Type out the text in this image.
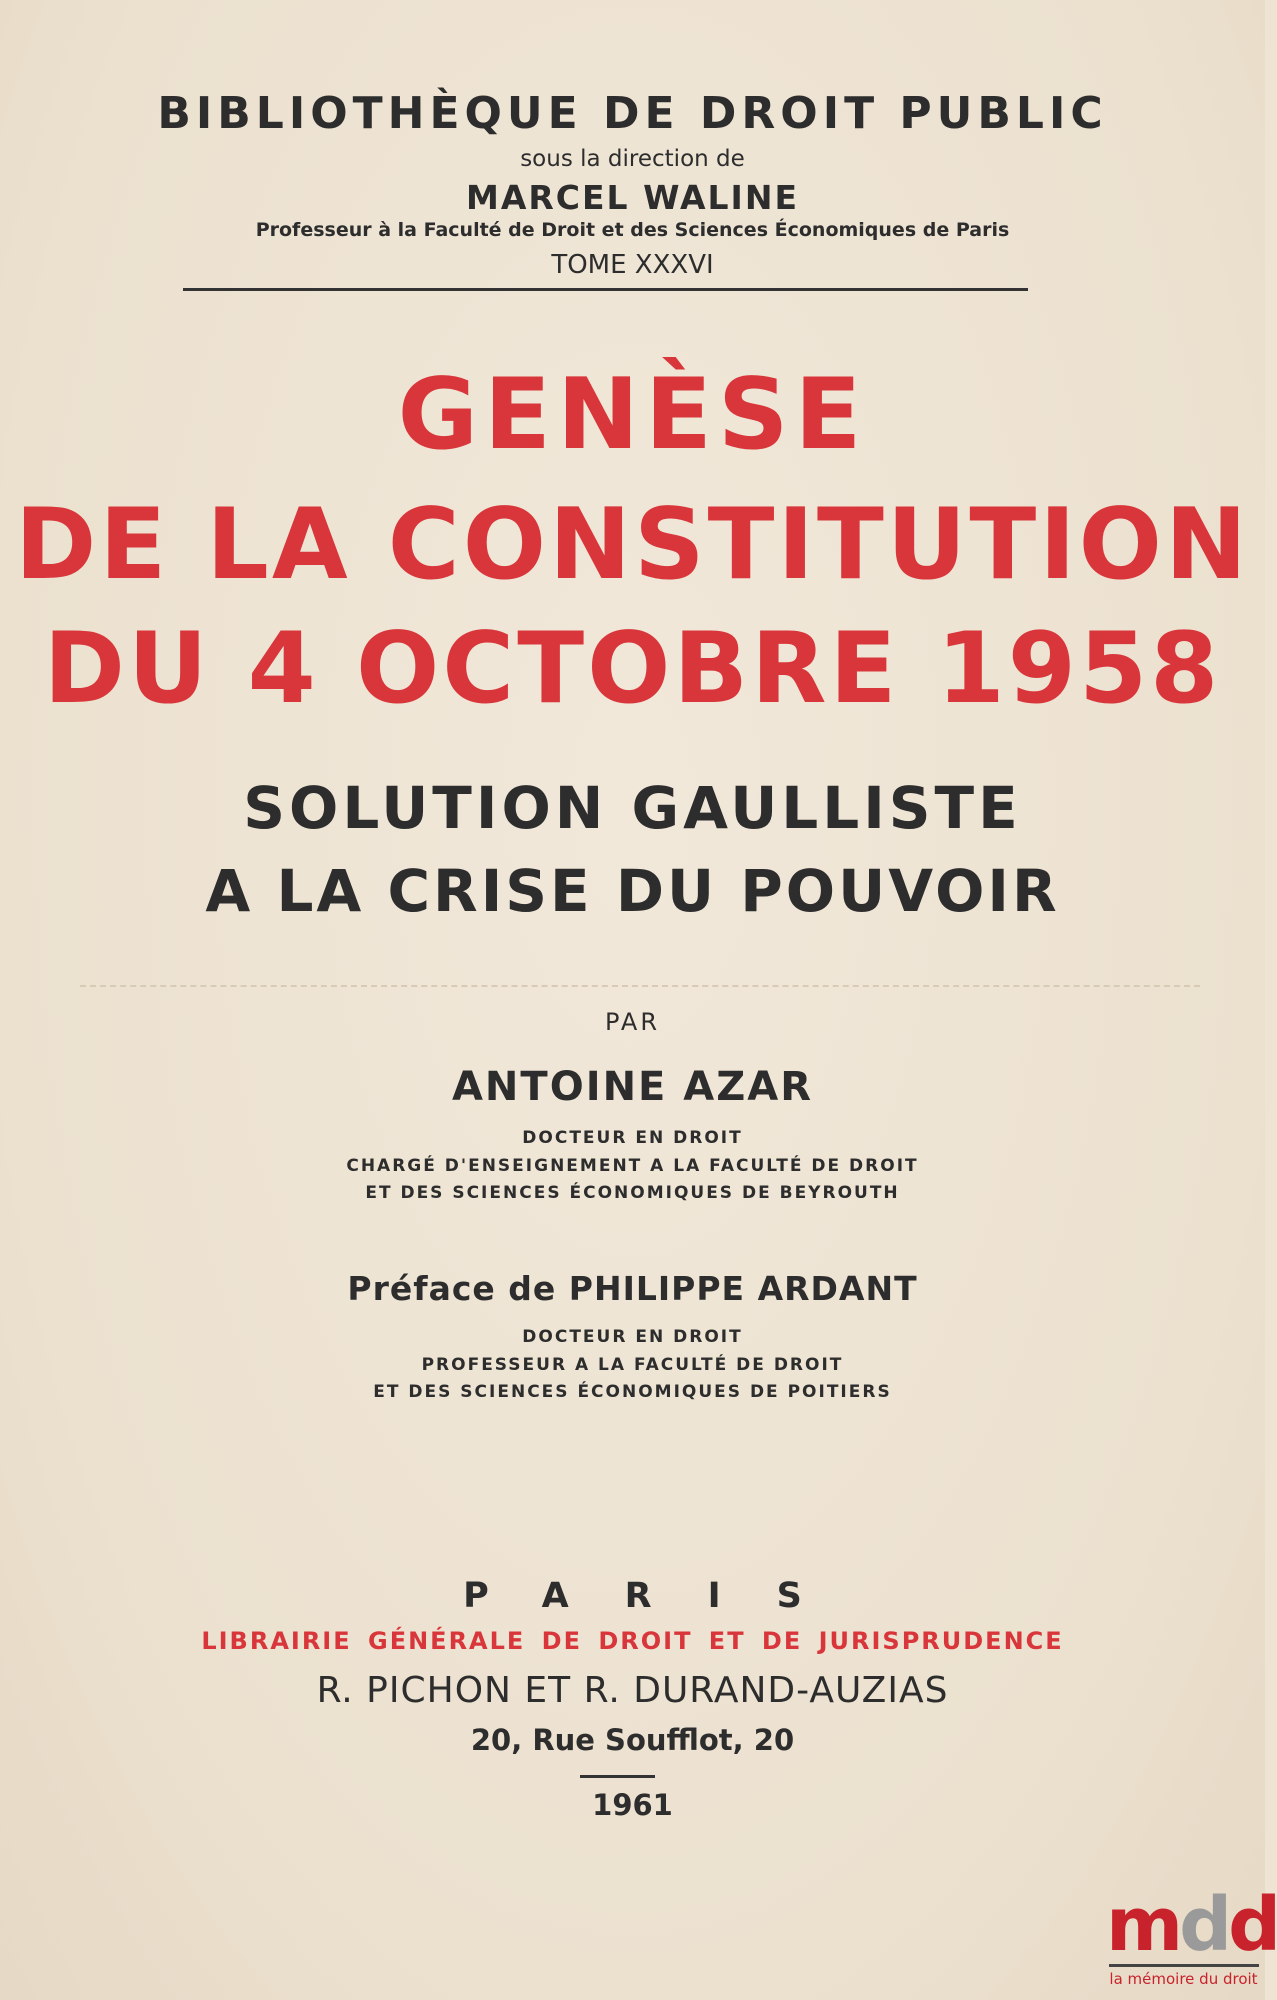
BIBLIOTHÈQUE DE DROIT PUBLIC
sous la direction de
MARCEL WALINE
Professeur à la Faculté de Droit et des Sciences Économiques de Paris
TOME XXXVI
GENÈSE
DE LA CONSTITUTION
DU 4 OCTOBRE 1958
SOLUTION GAULLISTE
A LA CRISE DU POUVOIR
PAR
ANTOINE AZAR
DOCTEUR EN DROIT
CHARGÉ D'ENSEIGNEMENT A LA FACULTÉ DE DROIT
ET DES SCIENCES ÉCONOMIQUES DE BEYROUTH
Préface de PHILIPPE ARDANT
DOCTEUR EN DROIT
PROFESSEUR A LA FACULTÉ DE DROIT
ET DES SCIENCES ÉCONOMIQUES DE POITIERS
PARIS
LIBRAIRIE GÉNÉRALE DE DROIT ET DE JURISPRUDENCE
R. PICHON ET R. DURAND-AUZIAS
20, Rue Soufflot, 20
1961
mdd
la mémoire du droit
